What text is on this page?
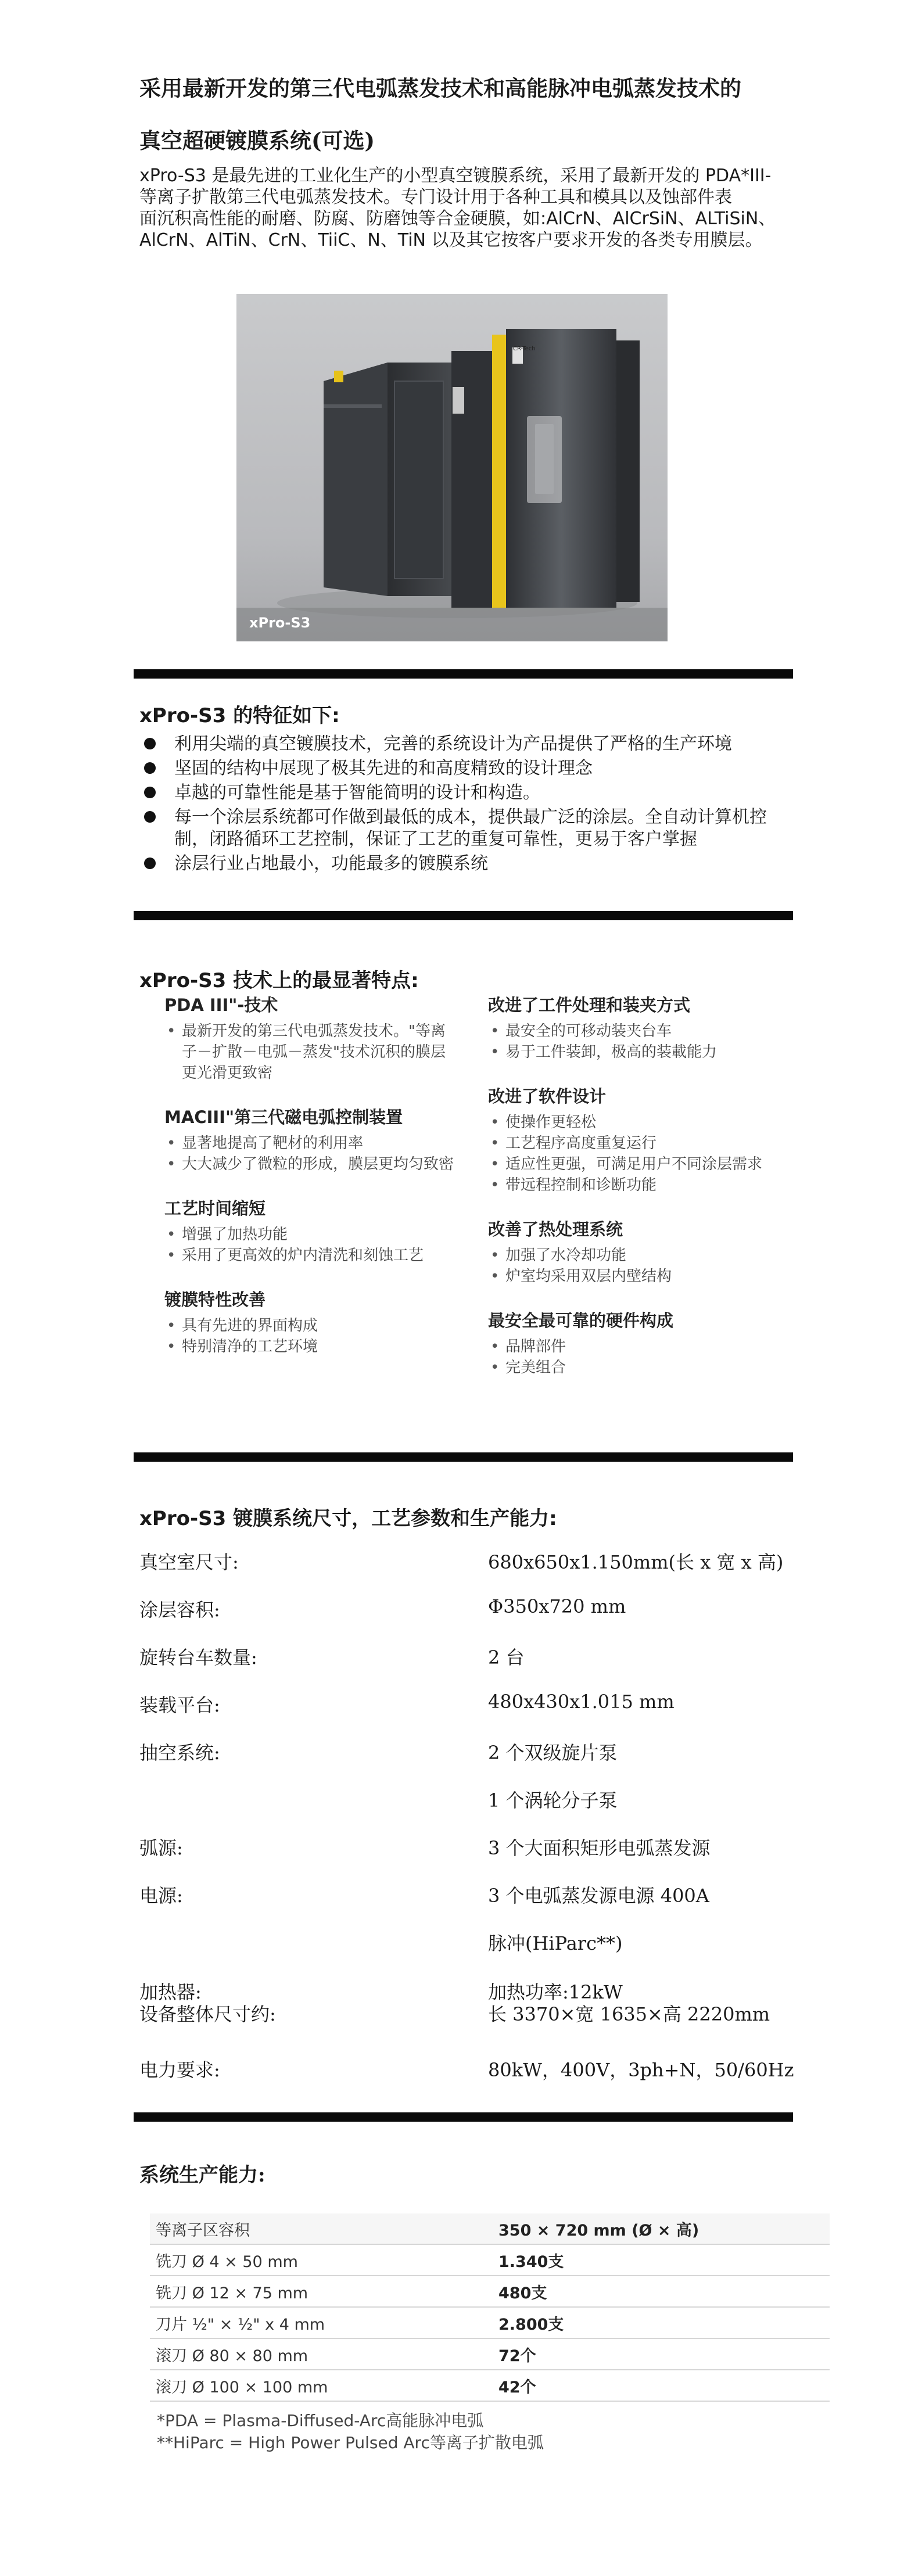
采用最新开发的第三代电弧蒸发技术和高能脉冲电弧蒸发技术的
真空超硬镀膜系统(可选)
xPro-S3 是最先进的工业化生产的小型真空镀膜系统，采用了最新开发的 PDA*III-
等离子扩散第三代电弧蒸发技术。专门设计用于各种工具和模具以及蚀部件表
面沉积高性能的耐磨、防腐、防磨蚀等合金硬膜，如:AlCrN、AlCrSiN、ALTiSiN、
AlCrN、AlTiN、CrN、TiiC、N、TiN 以及其它按客户要求开发的各类专用膜层。
CR-Tech
xPro-S3
xPro-S3 的特征如下:
利用尖端的真空镀膜技术，完善的系统设计为产品提供了严格的生产环境
坚固的结构中展现了极其先进的和高度精致的设计理念
卓越的可靠性能是基于智能简明的设计和构造。
每一个涂层系统都可作做到最低的成本，提供最广泛的涂层。全自动计算机控制，闭路循环工艺控制，保证了工艺的重复可靠性，更易于客户掌握
涂层行业占地最小，功能最多的镀膜系统
xPro-S3 技术上的最显著特点:
PDA III"-技术
• 最新开发的第三代电弧蒸发技术。"等离子－扩散－电弧－蒸发"技术沉积的膜层更光滑更致密
MACIII"第三代磁电弧控制装置
• 显著地提高了靶材的利用率
• 大大减少了微粒的形成，膜层更均匀致密
工艺时间缩短
• 增强了加热功能
• 采用了更高效的炉内清洗和刻蚀工艺
镀膜特性改善
• 具有先进的界面构成
• 特别清净的工艺环境
改进了工件处理和装夹方式
• 最安全的可移动装夹台车
• 易于工件装卸，极高的装載能力
改进了软件设计
• 使操作更轻松
• 工艺程序高度重复运行
• 适应性更强，可满足用户不同涂层需求
• 带远程控制和诊断功能
改善了热处理系统
• 加强了水冷却功能
• 炉室均采用双层内壁结构
最安全最可靠的硬件构成
• 品牌部件
• 完美组合
xPro-S3 镀膜系统尺寸，工艺参数和生产能力:
真空室尺寸:	680x650x1.150mm(长 x 宽 x 高)
涂层容积:	Φ350x720 mm
旋转台车数量:	2 台
装载平台:	480x430x1.015 mm
抽空系统:	2 个双级旋片泵
1 个涡轮分子泵
弧源:	3 个大面积矩形电弧蒸发源
电源:	3 个电弧蒸发源电源 400A
脉冲(HiParc**)
加热器:	加热功率:12kW
设备整体尺寸约:	长 3370×宽 1635×高 2220mm
电力要求:	80kW，400V，3ph+N，50/60Hz
系统生产能力:
等离子区容积	350 × 720 mm (Ø × 高)
铣刀 Ø 4 × 50 mm	1.340支
铣刀 Ø 12 × 75 mm	480支
刀片 ½" × ½" x 4 mm	2.800支
滚刀 Ø 80 × 80 mm	72个
滚刀 Ø 100 × 100 mm	42个
*PDA = Plasma-Diffused-Arc高能脉冲电弧
**HiParc = High Power Pulsed Arc等离子扩散电弧
